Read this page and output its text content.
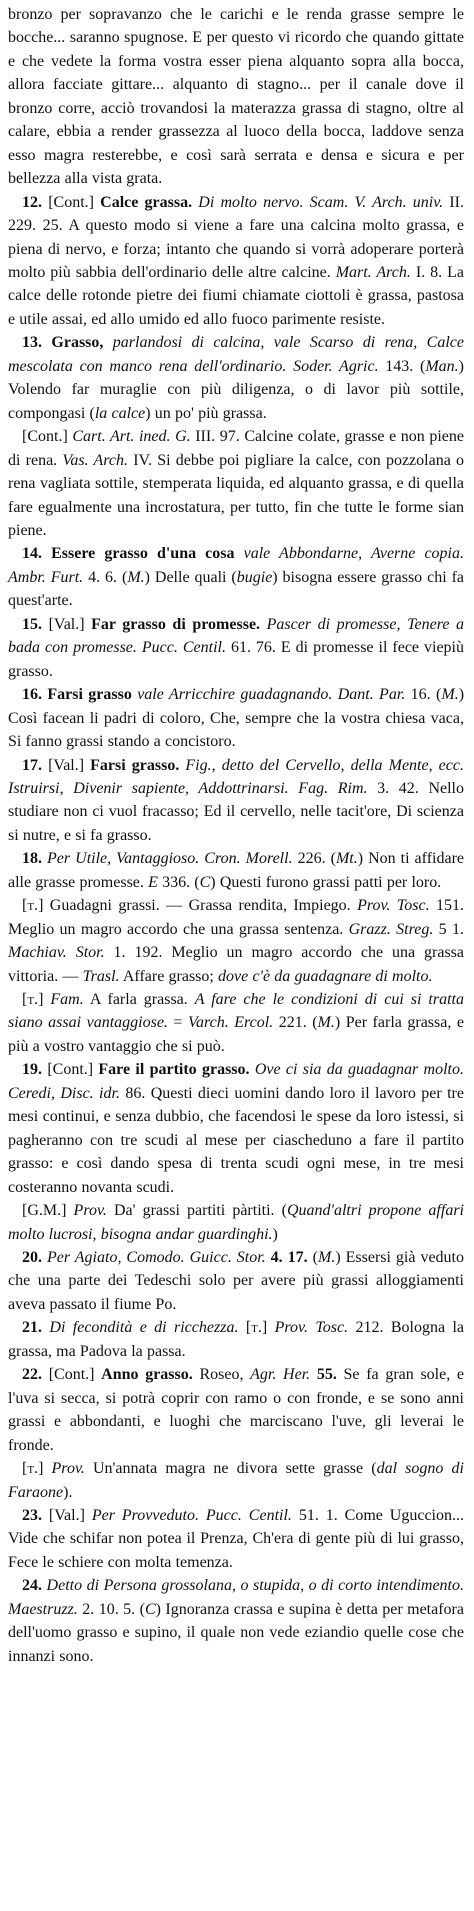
bronzo per sopravanzo che le carichi e le renda grasse sempre le bocche... saranno spugnose. E per questo vi ricordo che quando gittate e che vedete la forma vostra esser piena alquanto sopra alla bocca, allora facciate gittare... alquanto di stagno... per il canale dove il bronzo corre, acciò trovandosi la materazza grassa di stagno, oltre al calare, ebbia a render grassezza al luoco della bocca, laddove senza esso magra resterebbe, e così sarà serrata e densa e sicura e per bellezza alla vista grata.

12. [Cont.] Calce grassa. Di molto nervo. Scam. V. Arch. univ. II. 229. 25. A questo modo si viene a fare una calcina molto grassa, e piena di nervo, e forza; intanto che quando si vorrà adoperare porterà molto più sabbia dell'ordinario delle altre calcine. Mart. Arch. I. 8. La calce delle rotonde pietre dei fiumi chiamate ciottoli è grassa, pastosa e utile assai, ed allo umido ed allo fuoco parimente resiste.

13. Grasso, parlandosi di calcina, vale Scarso di rena, Calce mescolata con manco rena dell'ordinario. Soder. Agric. 143. (Man.) Volendo far muraglie con più diligenza, o di lavor più sottile, compongasi (la calce) un po' più grassa.

[Cont.] Cart. Art. ined. G. III. 97. Calcine colate, grasse e non piene di rena. Vas. Arch. IV. Si debbe poi pigliare la calce, con pozzolana o rena vagliata sottile, stemperata liquida, ed alquanto grassa, e di quella fare egualmente una incrostatura, per tutto, fin che tutte le forme sian piene.

14. Essere grasso d'una cosa vale Abbondarne, Averne copia. Ambr. Furt. 4. 6. (M.) Delle quali (bugie) bisogna essere grasso chi fa quest'arte.

15. [Val.] Far grasso di promesse. Pascer di promesse, Tenere a bada con promesse. Pucc. Centil. 61. 76. E di promesse il fece viepiù grasso.

16. Farsi grasso vale Arricchire guadagnando. Dant. Par. 16. (M.) Così facean li padri di coloro, Che, sempre che la vostra chiesa vaca, Si fanno grassi stando a concistoro.

17. [Val.] Farsi grasso. Fig., detto del Cervello, della Mente, ecc. Istruirsi, Divenir sapiente, Addottrinarsi. Fag. Rim. 3. 42. Nello studiare non ci vuol fracasso; Ed il cervello, nelle tacit'ore, Di scienza si nutre, e si fa grasso.

18. Per Utile, Vantaggioso. Cron. Morell. 226. (Mt.) Non ti affidare alle grasse promesse. E 336. (C) Questi furono grassi patti per loro.

[t.] Guadagni grassi. — Grassa rendita, Impiego. Prov. Tosc. 151. Meglio un magro accordo che una grassa sentenza. Grazz. Streg. 5 1. Machiav. Stor. 1. 192. Meglio un magro accordo che una grassa vittoria. — Trasl. Affare grasso; dove c'è da guadagnare di molto.

[t.] Fam. A farla grassa. A fare che le condizioni di cui si tratta siano assai vantaggiose. = Varch. Ercol. 221. (M.) Per farla grassa, e più a vostro vantaggio che si può.

19. [Cont.] Fare il partito grasso. Ove ci sia da guadagnar molto. Ceredi, Disc. idr. 86. Questi dieci uomini dando loro il lavoro per tre mesi continui, e senza dubbio, che facendosi le spese da loro istessi, si pagheranno con tre scudi al mese per ciascheduno a fare il partito grasso: e così dando spesa di trenta scudi ogni mese, in tre mesi costeranno novanta scudi.

[G.M.] Prov. Da' grassi partiti pàrtiti. (Quand'altri propone affari molto lucrosi, bisogna andar guardinghi.)

20. Per Agiato, Comodo. Guicc. Stor. 4. 17. (M.) Essersi già veduto che una parte dei Tedeschi solo per avere più grassi alloggiamenti aveva passato il fiume Po.

21. Di fecondità e di ricchezza. [t.] Prov. Tosc. 212. Bologna la grassa, ma Padova la passa.

22. [Cont.] Anno grasso. Roseo, Agr. Her. 55. Se fa gran sole, e l'uva si secca, si potrà coprir con ramo o con fronde, e se sono anni grassi e abbondanti, e luoghi che marciscano l'uve, gli leverai le fronde.

[t.] Prov. Un'annata magra ne divora sette grasse (dal sogno di Faraone).

23. [Val.] Per Provveduto. Pucc. Centil. 51. 1. Come Uguccion... Vide che schifar non potea il Prenza, Ch'era di gente più di lui grasso, Fece le schiere con molta temenza.

24. Detto di Persona grossolana, o stupida, o di corto intendimento. Maestruzz. 2. 10. 5. (C) Ignoranza crassa e supina è detta per metafora dell'uomo grasso e supino, il quale non vede eziandio quelle cose che innanzi sono.
